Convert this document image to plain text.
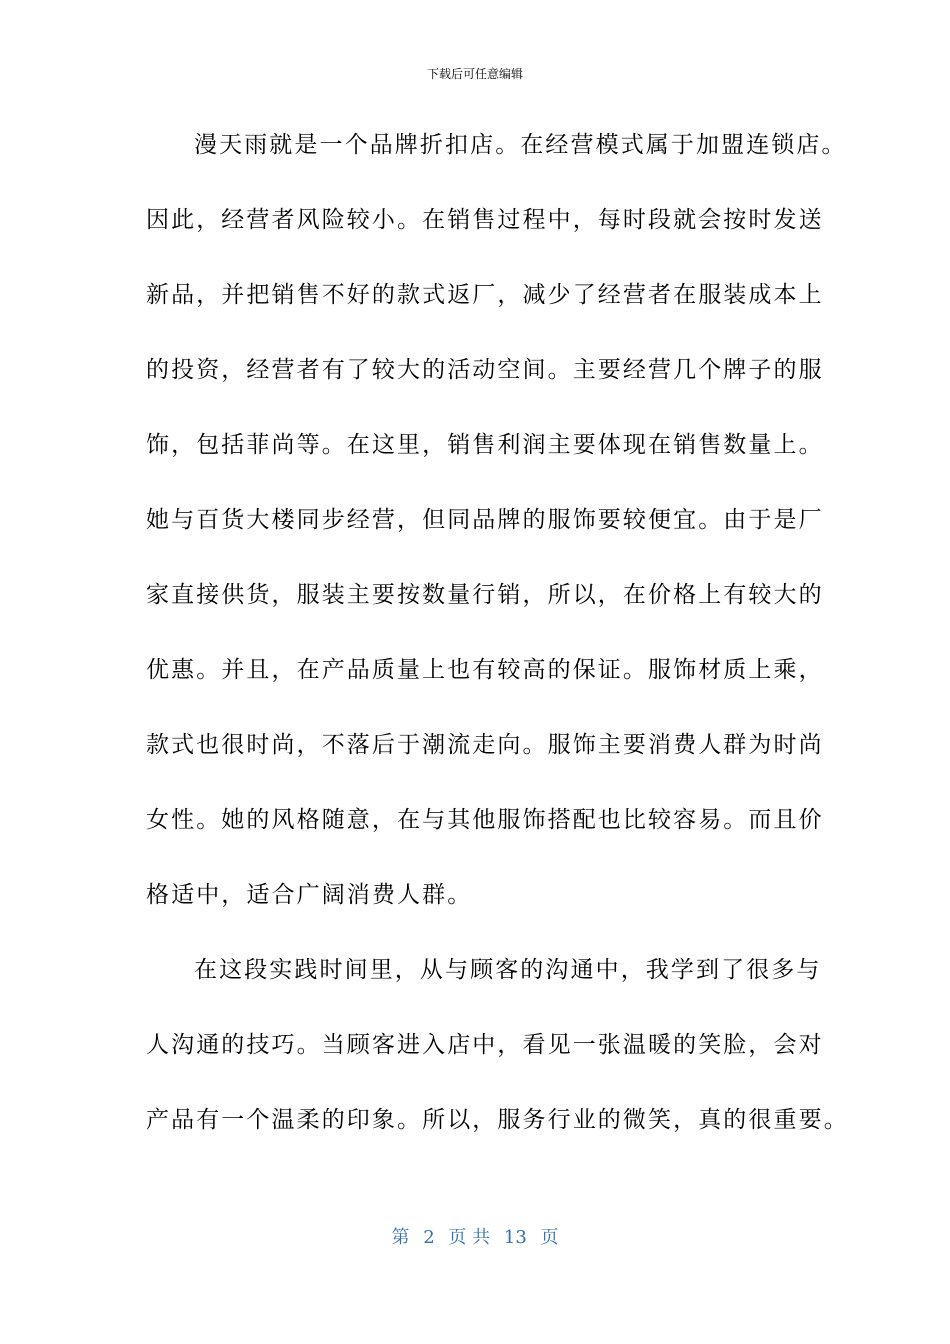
下载后可任意编辑
漫天雨就是一个品牌折扣店。在经营模式属于加盟连锁店。
因此，经营者风险较小。在销售过程中，每时段就会按时发送
新品，并把销售不好的款式返厂，减少了经营者在服装成本上
的投资，经营者有了较大的活动空间。主要经营几个牌子的服
饰，包括菲尚等。在这里，销售利润主要体现在销售数量上。
她与百货大楼同步经营，但同品牌的服饰要较便宜。由于是厂
家直接供货，服装主要按数量行销，所以，在价格上有较大的
优惠。并且，在产品质量上也有较高的保证。服饰材质上乘，
款式也很时尚，不落后于潮流走向。服饰主要消费人群为时尚
女性。她的风格随意，在与其他服饰搭配也比较容易。而且价
格适中，适合广阔消费人群。
在这段实践时间里，从与顾客的沟通中，我学到了很多与
人沟通的技巧。当顾客进入店中，看见一张温暖的笑脸，会对
产品有一个温柔的印象。所以，服务行业的微笑，真的很重要。
第 2 页 共 13 页
